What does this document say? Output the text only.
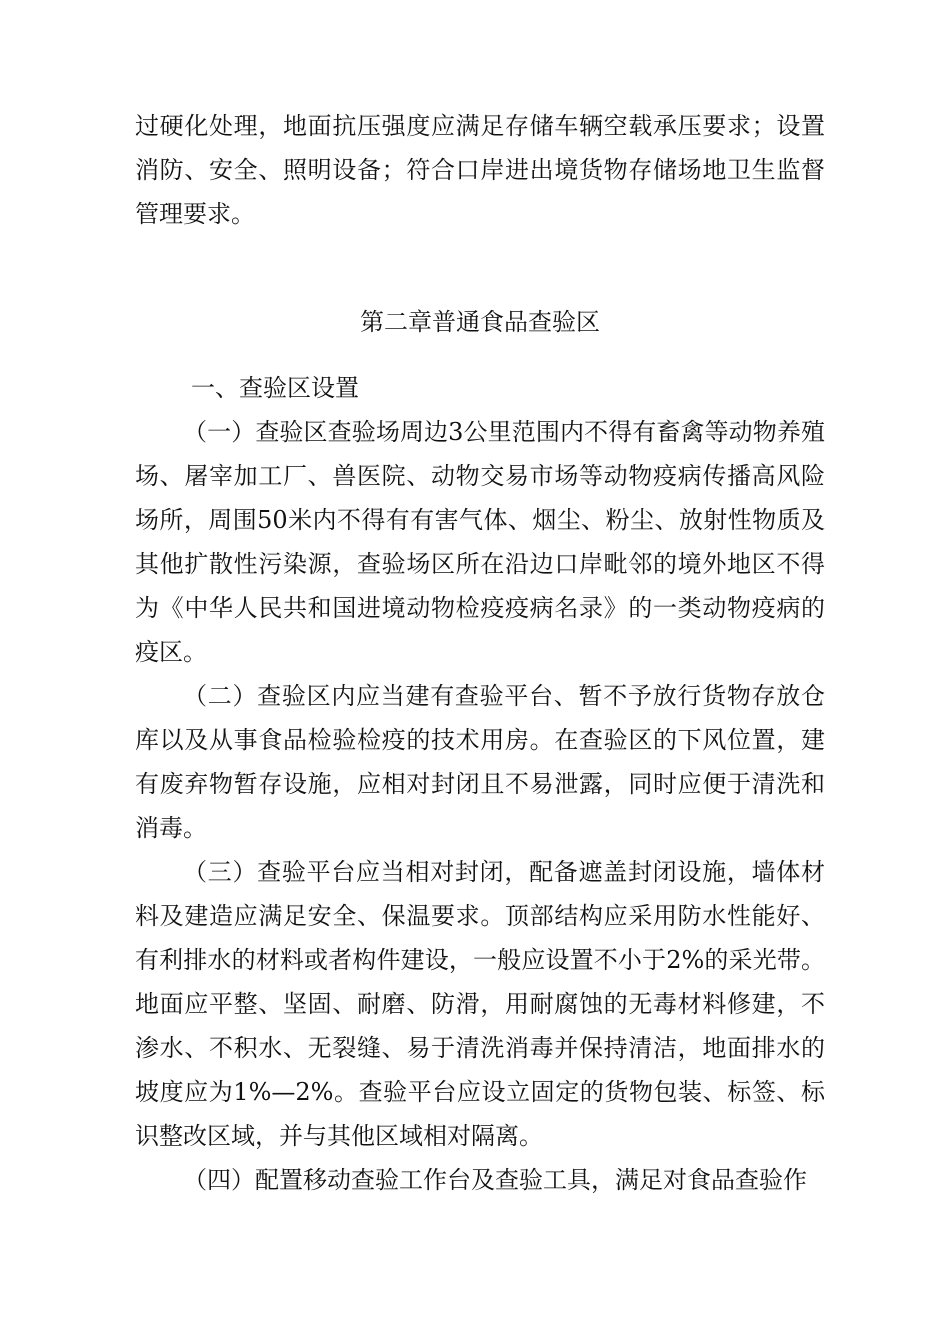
过硬化处理，地面抗压强度应满足存储车辆空载承压要求；设置消防、安全、照明设备；符合口岸进出境货物存储场地卫生监督管理要求。

第二章普通食品查验区
一、查验区设置

（一）查验区查验场周边3公里范围内不得有畜禽等动物养殖场、屠宰加工厂、兽医院、动物交易市场等动物疫病传播高风险场所，周围50米内不得有有害气体、烟尘、粉尘、放射性物质及其他扩散性污染源，查验场区所在沿边口岸毗邻的境外地区不得为《中华人民共和国进境动物检疫疫病名录》的一类动物疫病的疫区。

（二）查验区内应当建有查验平台、暂不予放行货物存放仓库以及从事食品检验检疫的技术用房。在查验区的下风位置，建有废弃物暂存设施，应相对封闭且不易泄露，同时应便于清洗和消毒。

（三）查验平台应当相对封闭，配备遮盖封闭设施，墙体材料及建造应满足安全、保温要求。顶部结构应采用防水性能好、有利排水的材料或者构件建设，一般应设置不小于2%的采光带。地面应平整、坚固、耐磨、防滑，用耐腐蚀的无毒材料修建，不渗水、不积水、无裂缝、易于清洗消毒并保持清洁，地面排水的坡度应为1%—2%。查验平台应设立固定的货物包装、标签、标识整改区域，并与其他区域相对隔离。

（四）配置移动查验工作台及查验工具，满足对食品查验作
